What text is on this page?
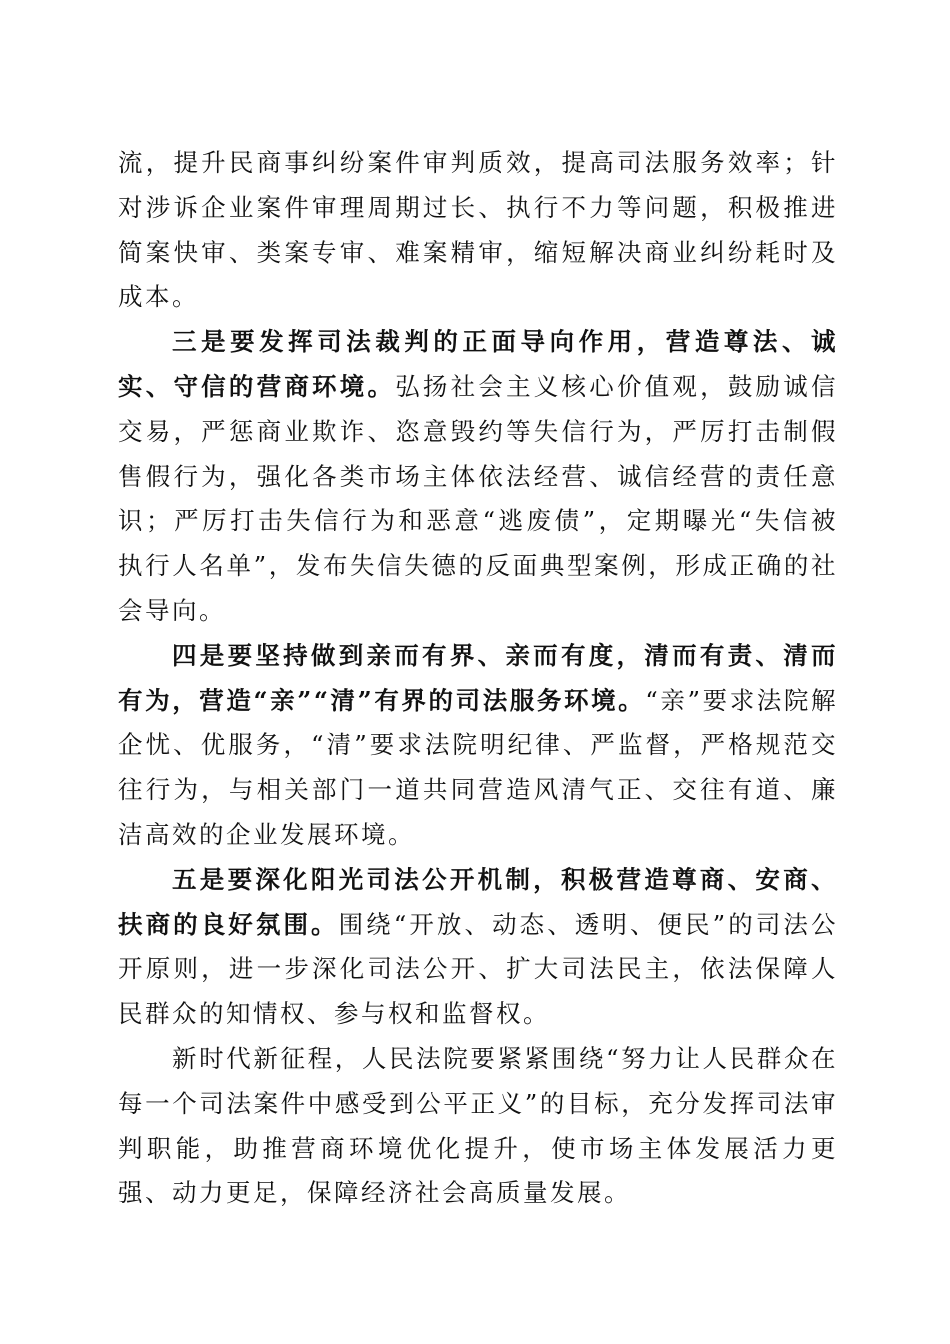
流，提升民商事纠纷案件审判质效，提高司法服务效率；针对涉诉企业案件审理周期过长、执行不力等问题，积极推进简案快审、类案专审、难案精审，缩短解决商业纠纷耗时及成本。

三是要发挥司法裁判的正面导向作用，营造尊法、诚实、守信的营商环境。弘扬社会主义核心价值观，鼓励诚信交易，严惩商业欺诈、恣意毁约等失信行为，严厉打击制假售假行为，强化各类市场主体依法经营、诚信经营的责任意识；严厉打击失信行为和恶意“逃废债”，定期曝光“失信被执行人名单”，发布失信失德的反面典型案例，形成正确的社会导向。

四是要坚持做到亲而有界、亲而有度，清而有责、清而有为，营造“亲”“清”有界的司法服务环境。“亲”要求法院解企忧、优服务，“清”要求法院明纪律、严监督，严格规范交往行为，与相关部门一道共同营造风清气正、交往有道、廉洁高效的企业发展环境。

五是要深化阳光司法公开机制，积极营造尊商、安商、扶商的良好氛围。围绕“开放、动态、透明、便民”的司法公开原则，进一步深化司法公开、扩大司法民主，依法保障人民群众的知情权、参与权和监督权。

新时代新征程，人民法院要紧紧围绕“努力让人民群众在每一个司法案件中感受到公平正义”的目标，充分发挥司法审判职能，助推营商环境优化提升，使市场主体发展活力更强、动力更足，保障经济社会高质量发展。
